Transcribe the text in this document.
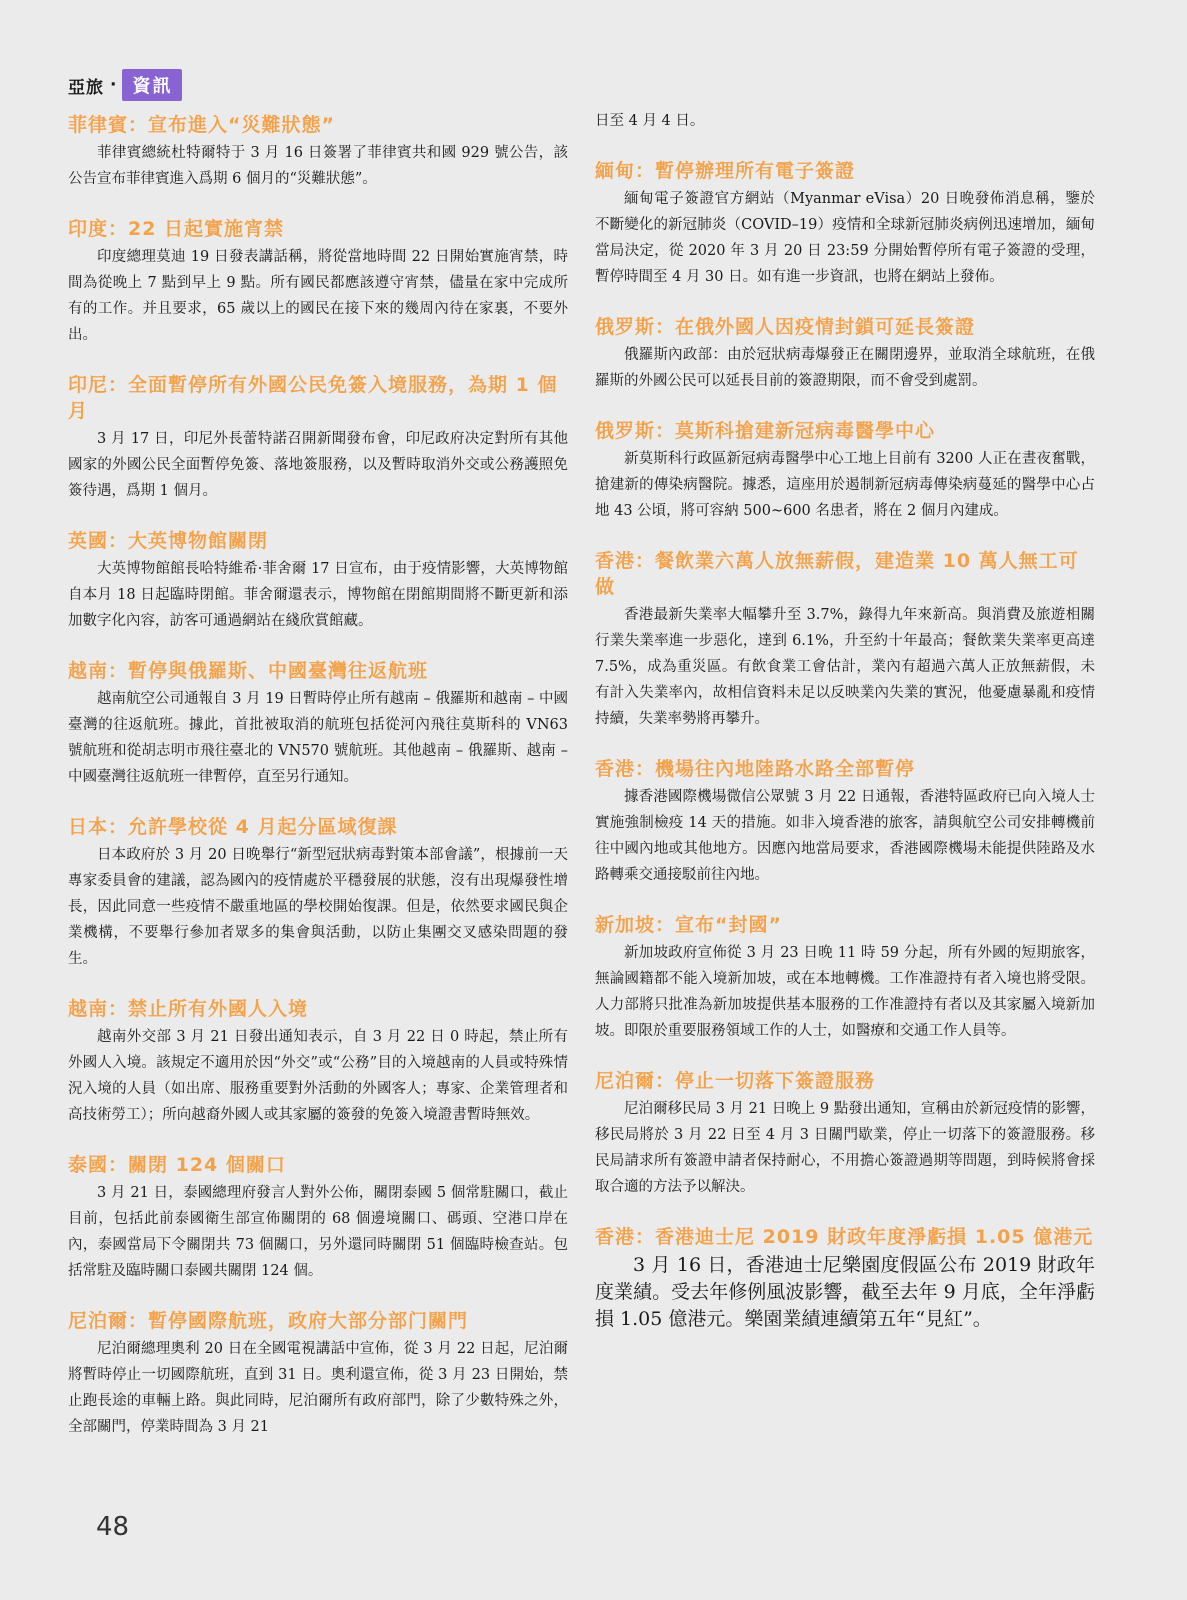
亞旅 · 資訊
菲律賓：宣布進入“災難狀態”

菲律賓總統杜特爾特于 3 月 16 日簽署了菲律賓共和國 929 號公告，該公告宣布菲律賓進入爲期 6 個月的“災難狀態”。

印度：22 日起實施宵禁

印度總理莫迪 19 日發表講話稱，將從當地時間 22 日開始實施宵禁，時間為從晚上 7 點到早上 9 點。所有國民都應該遵守宵禁，儘量在家中完成所有的工作。并且要求，65 歲以上的國民在接下來的幾周內待在家裏，不要外出。

印尼：全面暫停所有外國公民免簽入境服務，為期 1 個月

3 月 17 日，印尼外長蕾特諾召開新聞發布會，印尼政府决定對所有其他國家的外國公民全面暫停免簽、落地簽服務，以及暫時取消外交或公務護照免簽待遇，爲期 1 個月。

英國：大英博物館關閉

大英博物館館長哈特維希·菲舍爾 17 日宣布，由于疫情影響，大英博物館自本月 18 日起臨時閉館。菲舍爾還表示，博物館在閉館期間將不斷更新和添加數字化內容，訪客可通過網站在綫欣賞館藏。

越南：暫停與俄羅斯、中國臺灣往返航班

越南航空公司通報自 3 月 19 日暫時停止所有越南 – 俄羅斯和越南 – 中國臺灣的往返航班。據此，首批被取消的航班包括從河內飛往莫斯科的 VN63 號航班和從胡志明市飛往臺北的 VN570 號航班。其他越南 – 俄羅斯、越南 – 中國臺灣往返航班一律暫停，直至另行通知。

日本：允許學校從 4 月起分區域復課

日本政府於 3 月 20 日晚舉行“新型冠狀病毒對策本部會議”，根據前一天專家委員會的建議，認為國內的疫情處於平穩發展的狀態，沒有出現爆發性增長，因此同意一些疫情不嚴重地區的學校開始復課。但是，依然要求國民與企業機構，不要舉行參加者眾多的集會與活動，以防止集團交叉感染問題的發生。

越南：禁止所有外國人入境

越南外交部 3 月 21 日發出通知表示，自 3 月 22 日 0 時起，禁止所有外國人入境。該規定不適用於因“外交”或“公務”目的入境越南的人員或特殊情況入境的人員（如出席、服務重要對外活動的外國客人；專家、企業管理者和高技術勞工）；所向越裔外國人或其家屬的簽發的免簽入境證書暫時無效。

泰國：關閉 124 個關口

3 月 21 日，泰國總理府發言人對外公佈，關閉泰國 5 個常駐關口，截止目前，包括此前泰國衛生部宣佈關閉的 68 個邊境關口、碼頭、空港口岸在內，泰國當局下令關閉共 73 個關口，另外還同時關閉 51 個臨時檢查站。包括常駐及臨時關口泰國共關閉 124 個。

尼泊爾：暫停國際航班，政府大部分部门關門

尼泊爾總理奧利 20 日在全國電視講話中宣佈，從 3 月 22 日起，尼泊爾將暫時停止一切國際航班，直到 31 日。奧利還宣佈，從 3 月 23 日開始，禁止跑長途的車輛上路。與此同時，尼泊爾所有政府部門，除了少數特殊之外，全部關門，停業時間為 3 月 21

日至 4 月 4 日。

緬甸：暫停辦理所有電子簽證

緬甸電子簽證官方網站（Myanmar eVisa）20 日晚發佈消息稱，鑒於不斷變化的新冠肺炎（COVID–19）疫情和全球新冠肺炎病例迅速增加，緬甸當局決定，從 2020 年 3 月 20 日 23:59 分開始暫停所有電子簽證的受理，暫停時間至 4 月 30 日。如有進一步資訊，也將在網站上發佈。

俄罗斯：在俄外國人因疫情封鎖可延長簽證

俄羅斯內政部：由於冠狀病毒爆發正在關閉邊界，並取消全球航班，在俄羅斯的外國公民可以延長目前的簽證期限，而不會受到處罰。

俄罗斯：莫斯科搶建新冠病毒醫學中心

新莫斯科行政區新冠病毒醫學中心工地上目前有 3200 人正在晝夜奮戰，搶建新的傳染病醫院。據悉，這座用於遏制新冠病毒傳染病蔓延的醫學中心占地 43 公頃，將可容納 500~600 名患者，將在 2 個月內建成。

香港：餐飲業六萬人放無薪假，建造業 10 萬人無工可做

香港最新失業率大幅攀升至 3.7%，錄得九年來新高。與消費及旅遊相關行業失業率進一步惡化，達到 6.1%，升至約十年最高；餐飲業失業率更高達 7.5%，成為重災區。有飲食業工會估計，業內有超過六萬人正放無薪假，未有計入失業率內，故相信資料未足以反映業內失業的實況，他憂慮暴亂和疫情持續，失業率勢將再攀升。

香港：機場往內地陸路水路全部暫停

據香港國際機場微信公眾號 3 月 22 日通報，香港特區政府已向入境人士實施強制檢疫 14 天的措施。如非入境香港的旅客，請與航空公司安排轉機前往中國內地或其他地方。因應內地當局要求，香港國際機場未能提供陸路及水路轉乘交通接駁前往內地。

新加坡：宣布“封國”

新加坡政府宣佈從 3 月 23 日晚 11 時 59 分起，所有外國的短期旅客，無論國籍都不能入境新加坡，或在本地轉機。工作准證持有者入境也將受限。人力部將只批准為新加坡提供基本服務的工作准證持有者以及其家屬入境新加坡。即限於重要服務領域工作的人士，如醫療和交通工作人員等。

尼泊爾：停止一切落下簽證服務

尼泊爾移民局 3 月 21 日晚上 9 點發出通知，宣稱由於新冠疫情的影響，移民局將於 3 月 22 日至 4 月 3 日關門歇業，停止一切落下的簽證服務。移民局請求所有簽證申請者保持耐心，不用擔心簽證過期等問題，到時候將會採取合適的方法予以解決。

香港：香港迪士尼 2019 財政年度淨虧損 1.05 億港元

3 月 16 日，香港迪士尼樂園度假區公布 2019 財政年度業績。受去年修例風波影響，截至去年 9 月底，全年淨虧損 1.05 億港元。樂園業績連續第五年“見紅”。

48
